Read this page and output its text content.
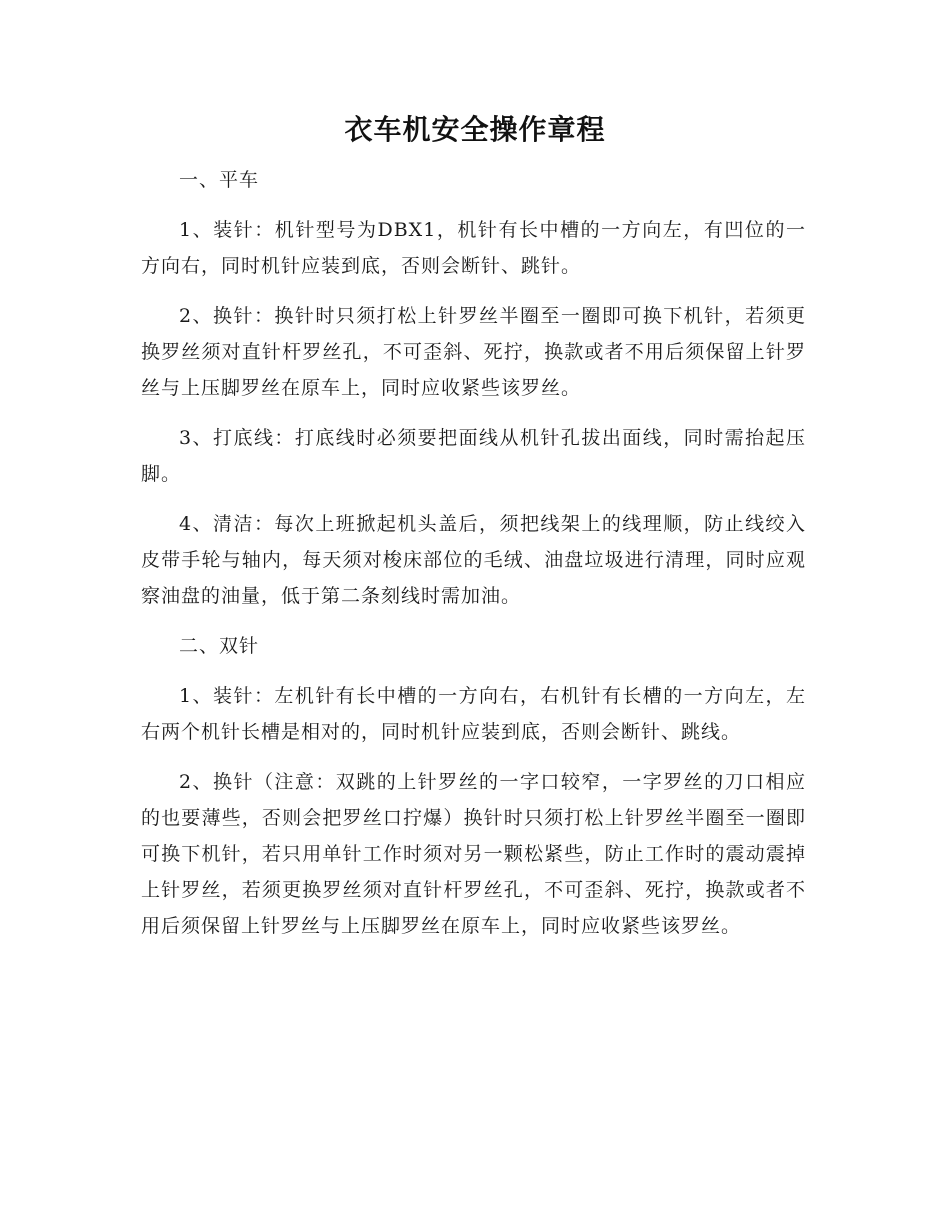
衣车机安全操作章程

一、平车

1、装针：机针型号为DBX1，机针有长中槽的一方向左，有凹位的一方向右，同时机针应装到底，否则会断针、跳针。

2、换针：换针时只须打松上针罗丝半圈至一圈即可换下机针，若须更换罗丝须对直针杆罗丝孔，不可歪斜、死拧，换款或者不用后须保留上针罗丝与上压脚罗丝在原车上，同时应收紧些该罗丝。

3、打底线：打底线时必须要把面线从机针孔拔出面线，同时需抬起压脚。

4、清洁：每次上班掀起机头盖后，须把线架上的线理顺，防止线绞入皮带手轮与轴内，每天须对梭床部位的毛绒、油盘垃圾进行清理，同时应观察油盘的油量，低于第二条刻线时需加油。

二、双针

1、装针：左机针有长中槽的一方向右，右机针有长槽的一方向左，左右两个机针长槽是相对的，同时机针应装到底，否则会断针、跳线。

2、换针（注意：双跳的上针罗丝的一字口较窄，一字罗丝的刀口相应的也要薄些，否则会把罗丝口拧爆）换针时只须打松上针罗丝半圈至一圈即可换下机针，若只用单针工作时须对另一颗松紧些，防止工作时的震动震掉上针罗丝，若须更换罗丝须对直针杆罗丝孔，不可歪斜、死拧，换款或者不用后须保留上针罗丝与上压脚罗丝在原车上，同时应收紧些该罗丝。
